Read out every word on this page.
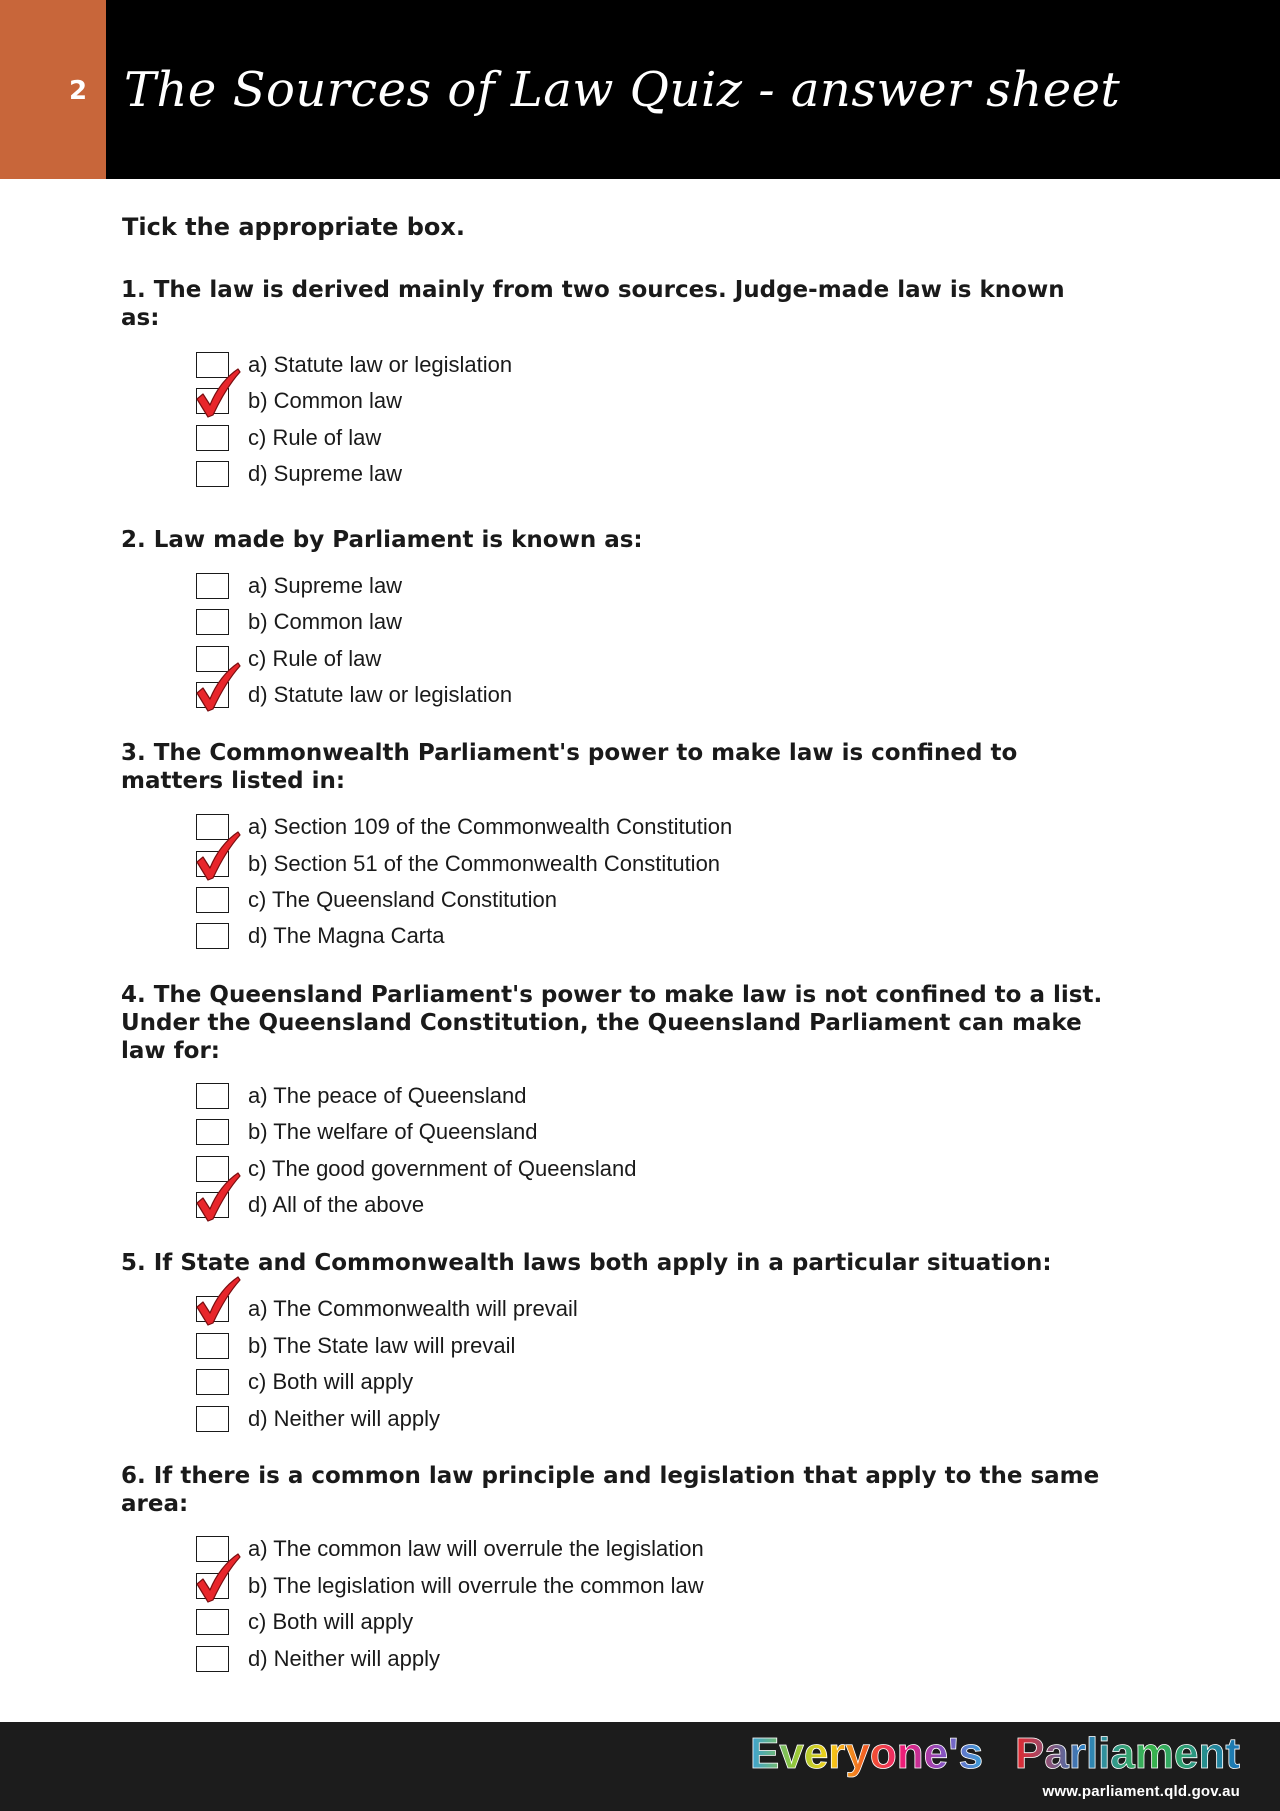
2 The Sources of Law Quiz - answer sheet
Tick the appropriate box.
1. The law is derived mainly from two sources. Judge-made law is known
as:
a) Statute law or legislation
b) Common law
c) Rule of law
d) Supreme law
2. Law made by Parliament is known as:
a) Supreme law
b) Common law
c) Rule of law
d) Statute law or legislation
3. The Commonwealth Parliament's power to make law is confined to
matters listed in:
a) Section 109 of the Commonwealth Constitution
b) Section 51 of the Commonwealth Constitution
c) The Queensland Constitution
d) The Magna Carta
4. The Queensland Parliament's power to make law is not confined to a list.
Under the Queensland Constitution, the Queensland Parliament can make
law for:
a) The peace of Queensland
b) The welfare of Queensland
c) The good government of Queensland
d) All of the above
5. If State and Commonwealth laws both apply in a particular situation:
a) The Commonwealth will prevail
b) The State law will prevail
c) Both will apply
d) Neither will apply
6. If there is a common law principle and legislation that apply to the same
area:
a) The common law will overrule the legislation
b) The legislation will overrule the common law
c) Both will apply
d) Neither will apply
Everyone's Parliament
www.parliament.qld.gov.au
